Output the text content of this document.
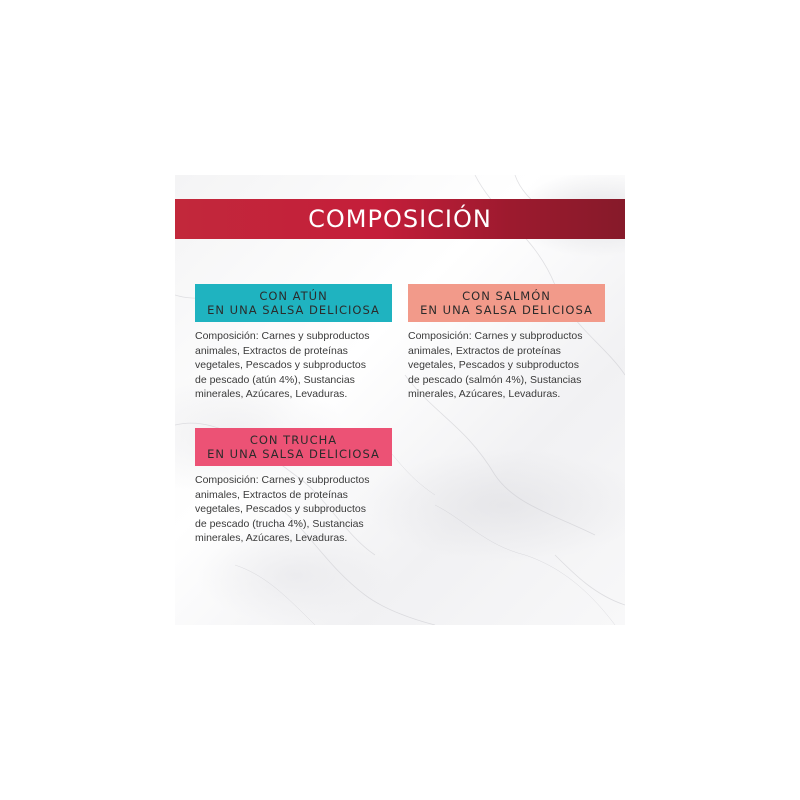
COMPOSICIÓN
CON ATÚN
EN UNA SALSA DELICIOSA
Composición: Carnes y subproductos
animales, Extractos de proteínas
vegetales, Pescados y subproductos
de pescado (atún 4%), Sustancias
minerales, Azúcares, Levaduras.
CON SALMÓN
EN UNA SALSA DELICIOSA
Composición: Carnes y subproductos
animales, Extractos de proteínas
vegetales, Pescados y subproductos
de pescado (salmón 4%), Sustancias
minerales, Azúcares, Levaduras.
CON TRUCHA
EN UNA SALSA DELICIOSA
Composición: Carnes y subproductos
animales, Extractos de proteínas
vegetales, Pescados y subproductos
de pescado (trucha 4%), Sustancias
minerales, Azúcares, Levaduras.
